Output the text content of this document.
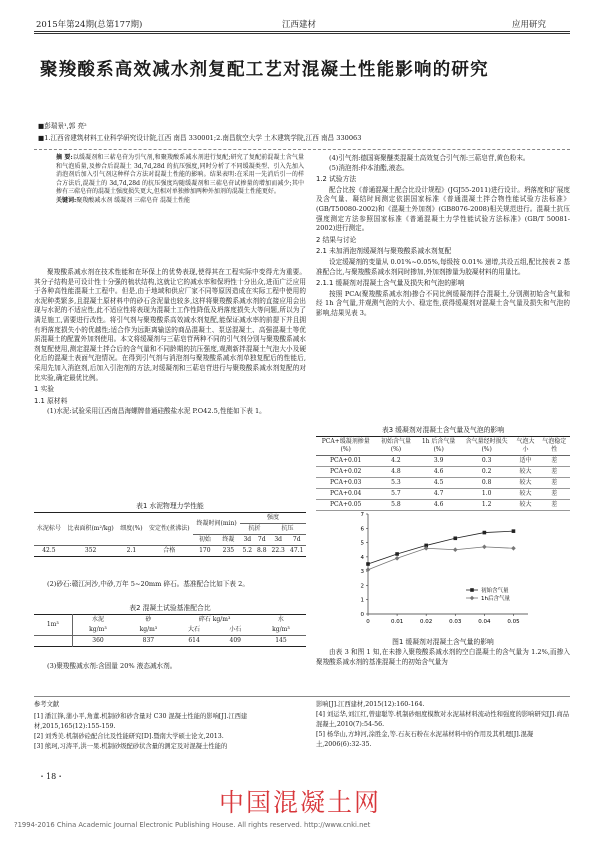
2015年第24期(总第177期)	江西建材	应用研究
聚羧酸系高效减水剂复配工艺对混凝土性能影响的研究
■彭瑞景¹,郭 亮²
■1.江西省建筑材料工业科学研究设计院,江西 南昌 330001;2.南昌航空大学 土木建筑学院,江西 南昌 330063
摘 要:以缓凝剂和三萜皂苷为引气剂,和聚羧酸系减水剂进行复配;研究了复配前混凝土含气量和气泡质量,及掺合后混凝土 3d,7d,28d 的抗压强度,同时分析了不同缓凝类型、引入先加入消泡剂后加入引气剂这种样合方法对混凝土性能的影响。结果表明:在采用一先消后引一的样合方法后,混凝土的 3d,7d,28d 的抗压强度均随缓凝剂和三萜皂苷试掺量的增加而减少;其中掺有三萜皂苷的混凝土强度损失更大,但相对单独掺加两种外加剂的混凝土性能更好。
关键词:聚羧酸减水剂 缓凝剂 三萜皂苷 混凝土性能

聚羧酸系减水剂在技术性能和在环保上的优势表现,使得其在工程实际中变得尤为重要。其分子结构是可设计性十分强的梳状结构,这就让它的减水率和保坍性十分出众,进而广泛应用于各种高性能混凝土工程中。但是,由于地域和供应厂家不同等原因造成在实际工程中使用的水泥种类繁多,且混凝土原材料中的砂石含泥量也较多,这样将聚羧酸系减水剂的直接应用会出现与水泥的不适应性,此不适应性将表现为混凝土工作性降低及坍落度损失大等问题,所以为了满足施工,需要进行改性。将引气剂与聚羧酸系高效减水剂复配,能保证减水率的前提下并且拥有坍落度损失小的优越性;适合作为远距离输送的商品混凝土、泵送混凝土、高强混凝土等优质混凝土的配置外加剂使用。本文将缓凝剂与三萜皂苷两种不同的引气剂分别与聚羧酸系减水剂复配使用,测定混凝土拌合后的含气量和不同龄期的抗压强度,观测新拌混凝土气泡大小及硬化后的混凝土表面气泡情况。在得到引气剂与消泡剂与聚羧酸系减水剂单独复配后的性能后,采用先加入消泡剂,后加入引泡剂的方法,对缓凝剂和三萜皂苷进行与聚羧酸系减水剂复配的对比实验,确定最优比例。

1 实验
1.1 原材料

(1)水泥:试验采用江西南昌海螺牌普通硅酸盐水泥 P.O42.5,性能如下表 1。

表1 水泥物理力学性能
水泥标号	比表面积(m²/kg)	细度(%)	安定性(煮沸法)	终凝时间(min)		强度			
						抗折		抗压	
				初始	终凝	3d	7d	3d	7d
42.5	352	2.1	合格	170	235	5.2	8.8	22.3	47.1

(2)砂石:赣江河沙,中砂,万年 5~20mm 碎石。基准配合比如下表 2。

表2 混凝土试验基准配合比
1m³	水泥	砂	碎石 kg/m³		水
	kg/m³	kg/m³	大石	小石	kg/m³
	360	837	614	409	145

(3)聚羧酸减水剂:含固量 20% 液态减水剂。

(4)引气剂:德国赛聚醚类混凝土高效复合引气剂:三萜皂苷,黄色粉末。

(5)消泡剂:仲本油酯,液态。

1.2 试验方法

配合比按《普通混凝土配合比设计规程》(JGJ55-2011)进行设计。坍落度和扩展度及含气量、凝结时间测定依据国家标准《普通混凝土拌合物性能试验方法标准》(GB/T50080-2002)和《混凝土外加剂》(GB8076-2008)相关规范进行。混凝土抗压强度测定方法参照国家标准《普通混凝土力学性能试验方法标准》(GB/T 50081-2002)进行测定。

2 结果与讨论
2.1 未加消泡剂缓凝剂与聚羧酸系减水剂复配

设定缓凝剂的变量从 0.01%~0.05%,每级按 0.01% 递增,共设五组,配比按表 2 基准配合比,与聚羧酸系减水剂同时掺加,外加剂掺量为胶凝材料的用量比。

2.1.1 缓凝剂对混凝土含气量及损失和气泡的影响

按照 PCA(聚羧酸系减水剂)掺合不同比例缓凝剂拌合混凝土,分别测初始含气量和经 1h 含气量,并观测气泡的大小、稳定性,获得缓凝剂对混凝土含气量及损失和气泡的影响,结果见表 3。

表3 缓凝剂对混凝土含气量及气泡的影响
PCA+缓凝剂掺量(%)	初始含气量(%)	1h 后含气量(%)	含气量经时损失(%)	气泡大小	气泡稳定性
PCA+0.01	4.2	3.9	0.3	适中	差
PCA+0.02	4.8	4.6	0.2	较大	差
PCA+0.03	5.3	4.5	0.8	较大	差
PCA+0.04	5.7	4.7	1.0	较大	差
PCA+0.05	5.8	4.6	1.2	较大	差
0
1
2
3
4
5
6
7
0	0.01	0.02	0.03	0.04	0.05
初始含气量
1h后含气量
图1 缓凝剂对混凝土含气量的影响

由表 3 和图 1 知,在未掺入聚羧酸系减水剂的空白混凝土的含气量为 1.2%,而掺入聚羧酸系减水剂的基准混凝土的初始含气量为

参考文献
[1] 潘江锋,蒲小平,角董.机制砂和砂含量对 C30 混凝土性能的影响[J].江西建材,2015,165(12):155-159.
[2] 刘秀美.机制砂砼配合比及性能研究[D].暨南大学硕士论文,2013.
[3] 熊珂,习涛平,洪一果.机制砂级配砂状含量的测定及对混凝土性能的
影响[J].江西建材,2015(12):160-164.
[4] 刘运华,刘江红,曾建聪等.机制砂细度模数对水泥基材料流动性和强度的影响研究[J].商品混凝土,2010(7):54-56.
[5] 杨华山,方坤河,涂胜金,等.石灰石粉在水泥基材料中的作用及其机理[J].混凝土,2006(6):32-35.
・18・
中国混凝土网
?1994-2016 China Academic Journal Electronic Publishing House. All rights reserved. http://www.cnki.net
